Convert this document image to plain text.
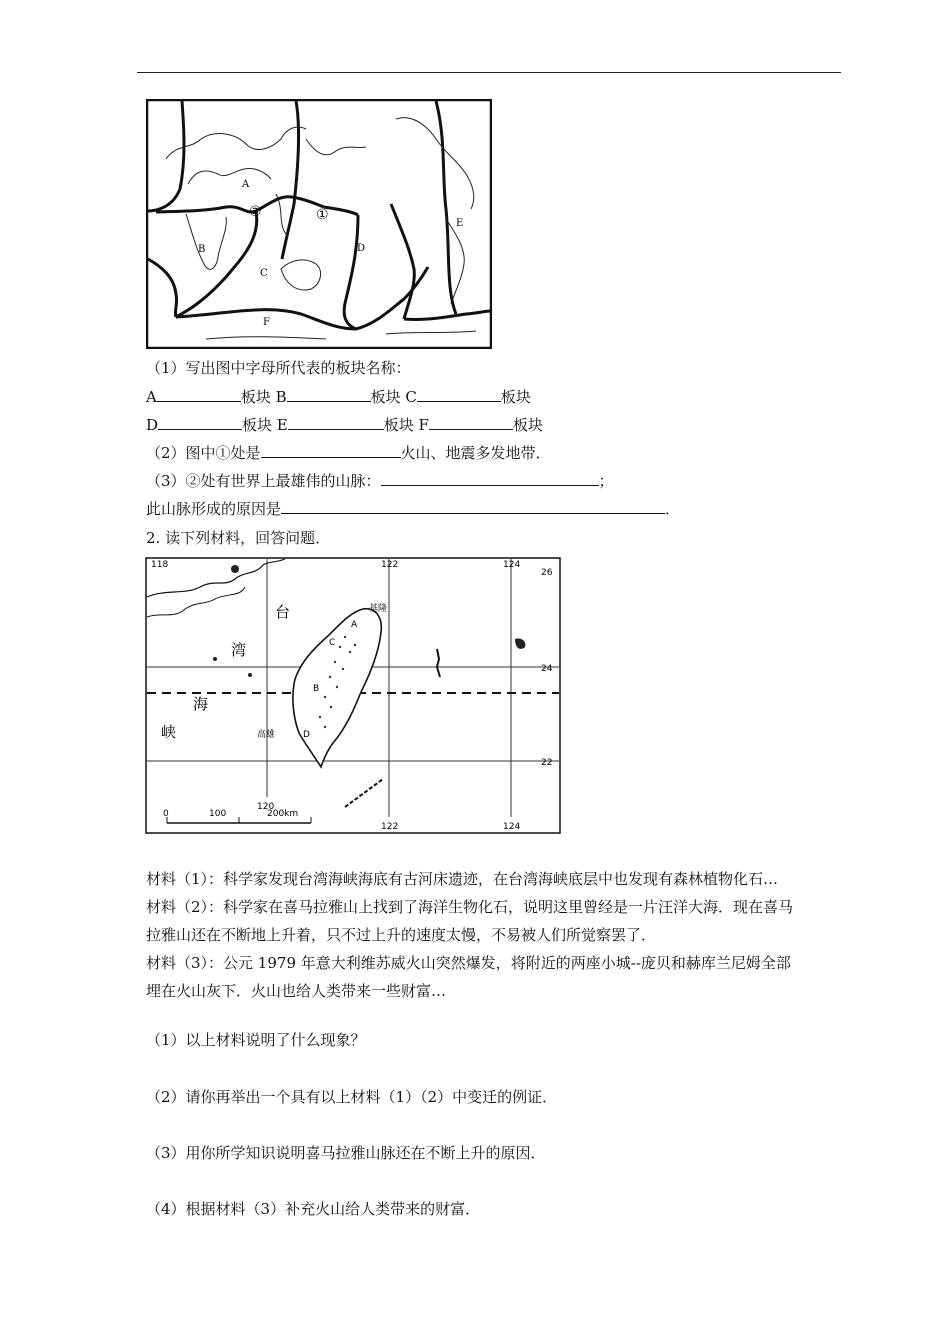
A
B
C
D
E
F
①
②
（1）写出图中字母所代表的板块名称：
A	板块 B	板块 C	板块
D	板块 E	板块 F	板块
（2）图中①处是	火山、地震多发地带．
（3）②处有世界上最雄伟的山脉：	；
此山脉形成的原因是	．
2. 读下列材料，回答问题．
118	122	124
26
24
22
120
122	124
台
湾
海
峡
基隆
高雄
A
C
B
D
0	100	200km
材料（1）：科学家发现台湾海峡海底有古河床遗迹，在台湾海峡底层中也发现有森林植物化石…
材料（2）：科学家在喜马拉雅山上找到了海洋生物化石，说明这里曾经是一片汪洋大海．现在喜马
拉雅山还在不断地上升着，只不过上升的速度太慢，不易被人们所觉察罢了．
材料（3）：公元 1979 年意大利维苏威火山突然爆发，将附近的两座小城--庞贝和赫库兰尼姆全部
埋在火山灰下．火山也给人类带来一些财富…
（1）以上材料说明了什么现象？
（2）请你再举出一个具有以上材料（1）（2）中变迁的例证．
（3）用你所学知识说明喜马拉雅山脉还在不断上升的原因．
（4）根据材料（3）补充火山给人类带来的财富．
